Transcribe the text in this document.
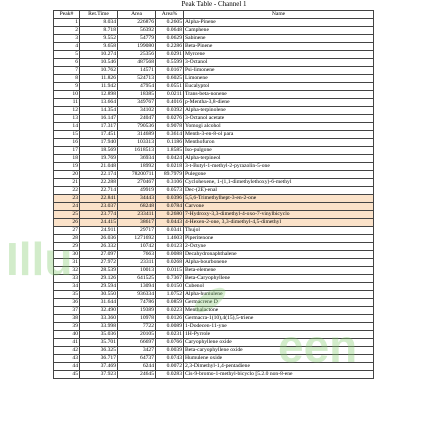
Peak Table - Channel 1
Peak#	Ret.Time	Area	Area%	Name
1	8.034	226876	0.2605	Alpha-Pinene
2	8.718	56392	0.0648	Camphene
3	9.552	54779	0.0629	Sabinene
4	9.658	199080	0.2286	Beta-Pinene
5	10.274	25356	0.0291	Myrcene
6	10.546	487568	0.5599	3-Octanol
7	10.762	14571	0.0167	Psi-limonene
8	11.826	524713	0.6025	Limonene
9	11.942	47954	0.0551	Eucalyptol
10	12.898	18385	0.0211	Trans-beta-nonene
11	13.664	349767	0.4016	p-Mentha-3,8-diene
12	14.354	34102	0.0392	Alpha-terpinolene
13	16.147	24047	0.0276	3-Octanol acetate
14	17.317	790536	0.9078	Yomogi alcohol
15	17.451	314689	0.3614	Menth-3-en-8-ol para
16	17.940	103313	0.1186	Menthofuron
17	18.569	1618513	1.8585	Iso-pulgone
18	19.769	36934	0.0424	Alpha-terpineol
19	21.048	18992	0.0218	3-t-Butyl-1-methyl-2-pyrazolin-5-one
20	22.174	78200711	89.7979	Pulegone
21	22.288	270467	0.3106	Cyclohexene, 1-(1,1-dimethylethoxy)-6-methyl
22	22.714	49919	0.0573	Dec-(2E)-enal
23	22.841	34443	0.0396	5,5,6-Trimethylhept-3-en-2-one
24	23.037	68248	0.0784	Carvone
25	23.774	233411	0.2680	7-Hydroxy-3,3-dimethyl-4-oxo-7-vinylbicyclo
26	24.415	38617	0.0443	4-Hexen-2-one, 3,3-dimethyl-4,5-dimethyl
27	24.911	29717	0.0341	Thujol
28	26.036	1271692	1.4603	Piperitenone
29	26.332	10742	0.0123	2-Octyne
30	27.097	7663	0.0088	Decahydronaphthalene
31	27.972	23311	0.0268	Alpha-bourbonene
32	28.539	10013	0.0115	Beta-elemene
33	29.126	641525	0.7367	Beta-Caryophyllene
34	29.594	13094	0.0150	Cubenol
35	30.550	936334	1.0752	Alpha-humulene
36	31.644	74786	0.0859	Germacrene D
37	32.490	19389	0.0223	Menthalactone
38	33.360	10978	0.0126	Germacra-1(10),4(15),5-triene
39	33.998	7722	0.0089	1-Dodecen-11-yne
40	35.036	20105	0.0231	1H-Pyrrole
41	35.701	66697	0.0766	Caryophyllene oxide
42	36.325	3427	0.0039	Beta-caryophyllene oxide
43	36.717	64737	0.0743	Humulene oxide
44	37.469	6244	0.0072	2,3-Dimethyl-1,4-pentadiene
45	37.923	24645	0.0283	Cis-9-bromo-1-methyl-bicyclo [5.2.0 non-8-ene
Illu
een
